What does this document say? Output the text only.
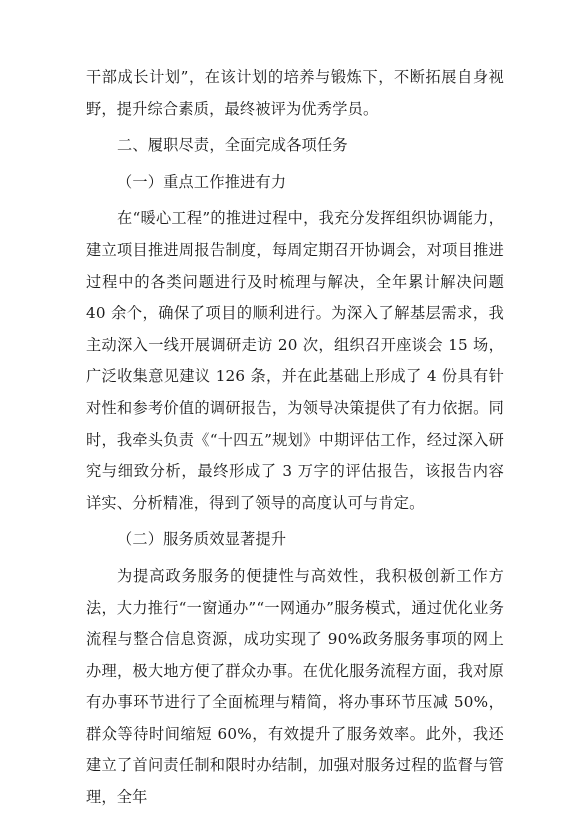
干部成长计划”，在该计划的培养与锻炼下，不断拓展自身视野，提升综合素质，最终被评为优秀学员。

二、履职尽责，全面完成各项任务

（一）重点工作推进有力

在“暖心工程”的推进过程中，我充分发挥组织协调能力，建立项目推进周报告制度，每周定期召开协调会，对项目推进过程中的各类问题进行及时梳理与解决，全年累计解决问题 40 余个，确保了项目的顺利进行。为深入了解基层需求，我主动深入一线开展调研走访 20 次，组织召开座谈会 15 场，广泛收集意见建议 126 条，并在此基础上形成了 4 份具有针对性和参考价值的调研报告，为领导决策提供了有力依据。同时，我牵头负责《“十四五”规划》中期评估工作，经过深入研究与细致分析，最终形成了 3 万字的评估报告，该报告内容详实、分析精准，得到了领导的高度认可与肯定。

（二）服务质效显著提升

为提高政务服务的便捷性与高效性，我积极创新工作方法，大力推行“一窗通办”“一网通办”服务模式，通过优化业务流程与整合信息资源，成功实现了 90%政务服务事项的网上办理，极大地方便了群众办事。在优化服务流程方面，我对原有办事环节进行了全面梳理与精简，将办事环节压减 50%，群众等待时间缩短 60%，有效提升了服务效率。此外，我还建立了首问责任制和限时办结制，加强对服务过程的监督与管理，全年
